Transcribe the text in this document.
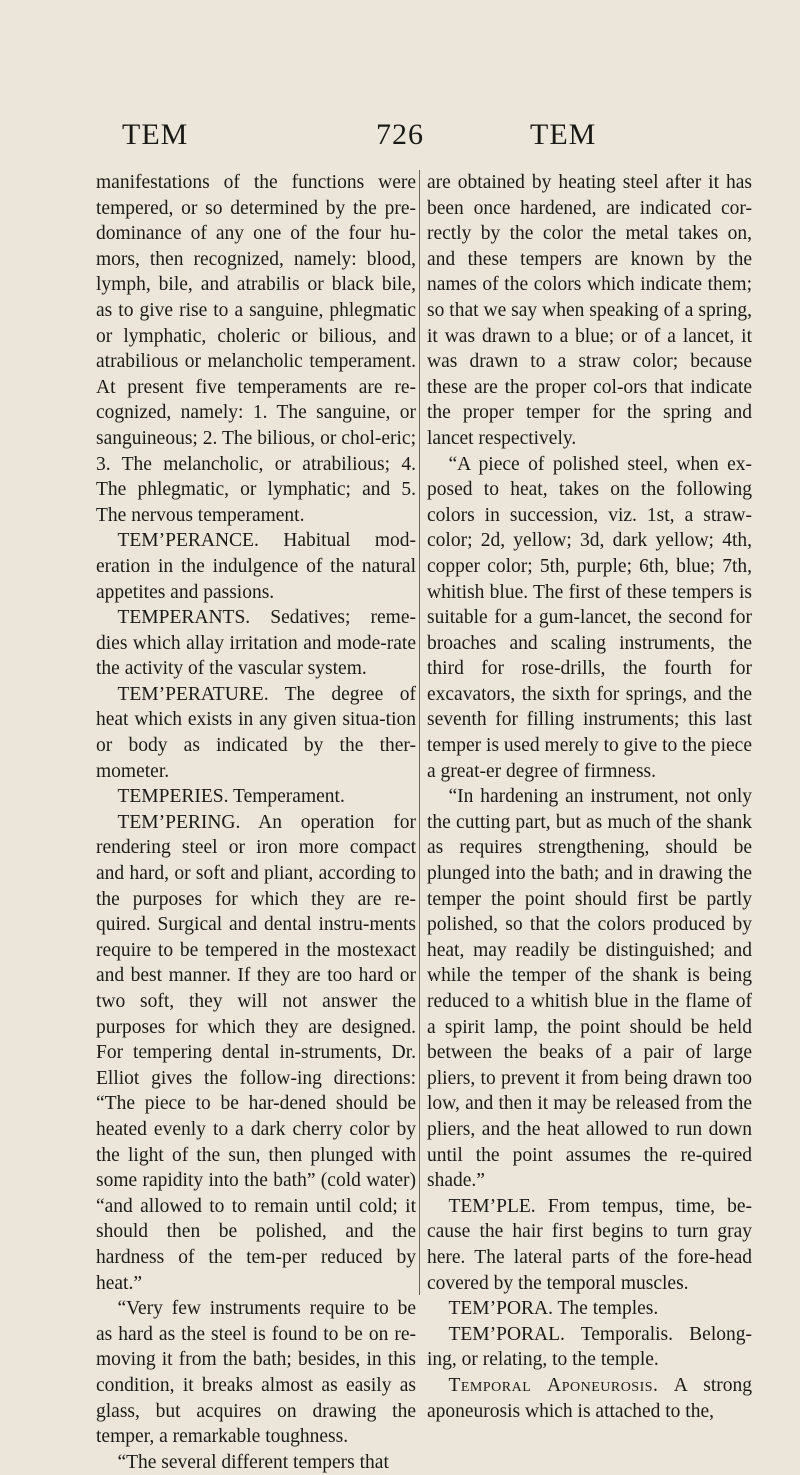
TEM	726	TEM

manifestations of the functions were tempered, or so determined by the pre-dominance of any one of the four hu-mors, then recognized, namely: blood, lymph, bile, and atrabilis or black bile, as to give rise to a sanguine, phlegmatic or lymphatic, choleric or bilious, and atrabilious or melancholic temperament. At present five temperaments are re-cognized, namely: 1. The sanguine, or sanguineous; 2. The bilious, or chol-eric; 3. The melancholic, or atrabilious; 4. The phlegmatic, or lymphatic; and 5. The nervous temperament.

TEM’PERANCE. Habitual mod-eration in the indulgence of the natural appetites and passions.

TEMPERANTS. Sedatives; reme-dies which allay irritation and mode-rate the activity of the vascular system.

TEM’PERATURE. The degree of heat which exists in any given situa-tion or body as indicated by the ther-mometer.

TEMPERIES. Temperament.

TEM’PERING. An operation for rendering steel or iron more compact and hard, or soft and pliant, according to the purposes for which they are re-quired. Surgical and dental instru-ments require to be tempered in the mostexact and best manner. If they are too hard or two soft, they will not answer the purposes for which they are designed. For tempering dental in-struments, Dr. Elliot gives the follow-ing directions: “The piece to be har-dened should be heated evenly to a dark cherry color by the light of the sun, then plunged with some rapidity into the bath” (cold water) “and allowed to to remain until cold; it should then be polished, and the hardness of the tem-per reduced by heat.”

“Very few instruments require to be as hard as the steel is found to be on re-moving it from the bath; besides, in this condition, it breaks almost as easily as glass, but acquires on drawing the temper, a remarkable toughness.

“The several different tempers that

are obtained by heating steel after it has been once hardened, are indicated cor-rectly by the color the metal takes on, and these tempers are known by the names of the colors which indicate them; so that we say when speaking of a spring, it was drawn to a blue; or of a lancet, it was drawn to a straw color; because these are the proper col-ors that indicate the proper temper for the spring and lancet respectively.

“A piece of polished steel, when ex-posed to heat, takes on the following colors in succession, viz. 1st, a straw-color; 2d, yellow; 3d, dark yellow; 4th, copper color; 5th, purple; 6th, blue; 7th, whitish blue. The first of these tempers is suitable for a gum-lancet, the second for broaches and scaling instruments, the third for rose-drills, the fourth for excavators, the sixth for springs, and the seventh for filling instruments; this last temper is used merely to give to the piece a great-er degree of firmness.

“In hardening an instrument, not only the cutting part, but as much of the shank as requires strengthening, should be plunged into the bath; and in drawing the temper the point should first be partly polished, so that the colors produced by heat, may readily be distinguished; and while the temper of the shank is being reduced to a whitish blue in the flame of a spirit lamp, the point should be held between the beaks of a pair of large pliers, to prevent it from being drawn too low, and then it may be released from the pliers, and the heat allowed to run down until the point assumes the re-quired shade.”

TEM’PLE. From tempus, time, be-cause the hair first begins to turn gray here. The lateral parts of the fore-head covered by the temporal muscles.

TEM’PORA. The temples.

TEM’PORAL. Temporalis. Belong-ing, or relating, to the temple.

Temporal Aponeurosis. A strong aponeurosis which is attached to the,
